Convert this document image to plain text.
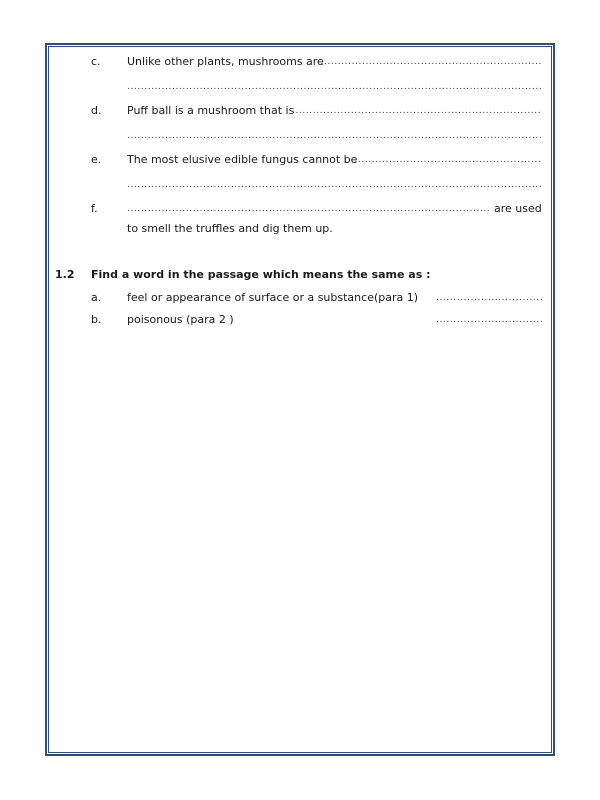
c. Unlike other plants, mushrooms are
.....
.....
d. Puff ball is a mushroom that is
.....
.....
e. The most elusive edible fungus cannot be
.....
.....
f.
.....	are used
to smell the truffles and dig them up.
1.2 Find a word in the passage which means the same as :
a. feel or appearance of surface or a substance(para 1)
.....
b. poisonous (para 2 )
.....
